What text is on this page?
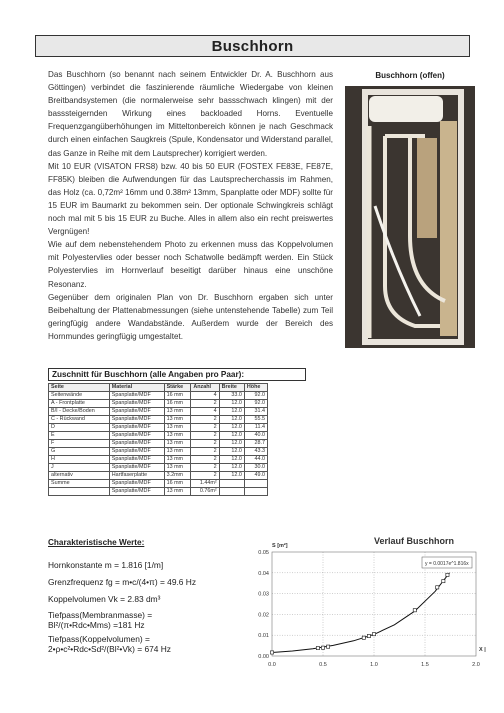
Buschhorn

Das Buschhorn (so benannt nach seinem Entwickler Dr. A. Buschhorn aus Göttingen) verbindet die faszinierende räumliche Wiedergabe von kleinen Breitbandsystemen (die normalerweise sehr bassschwach klingen) mit der basssteigernden Wirkung eines backloaded Horns. Eventuelle Frequenzgangüberhöhungen im Mitteltonbereich können je nach Geschmack durch einen einfachen Saugkreis (Spule, Kondensator und Widerstand parallel, das Ganze in Reihe mit dem Lautsprecher) korrigiert werden.

Mit 10 EUR (VISATON FRS8) bzw. 40 bis 50 EUR (FOSTEX FE83E, FE87E, FF85K) bleiben die Aufwendungen für das Lautsprecherchassis im Rahmen, das Holz (ca. 0,72m² 16mm und 0.38m² 13mm, Spanplatte oder MDF) sollte für 15 EUR im Baumarkt zu bekommen sein. Der optionale Schwingkreis schlägt noch mal mit 5 bis 15 EUR zu Buche. Alles in allem also ein recht preiswertes Vergnügen!

Wie auf dem nebenstehendem Photo zu erkennen muss das Koppelvolumen mit Polyestervlies oder besser noch Schatwolle bedämpft werden. Ein Stück Polyestervlies im Hornverlauf beseitigt darüber hinaus eine unschöne Resonanz.

Gegenüber dem originalen Plan von Dr. Buschhorn ergaben sich unter Beibehaltung der Plattenabmessungen (siehe untenstehende Tabelle) zum Teil geringfügig andere Wandabstände. Außerdem wurde der Bereich des Hornmundes geringfügig umgestaltet.

Buschhorn (offen)
Zuschnitt für Buschhorn (alle Angaben pro Paar):
Seite	Material	Stärke	Anzahl	Breite	Höhe
Seitenwände	Spanplatte/MDF	16 mm	4	33.0	92.0
A - Frontplatte	Spanplatte/MDF	16 mm	2	12.0	92.0
B/I - Decke/Boden	Spanplatte/MDF	13 mm	4	12.0	31.4
C - Rückwand	Spanplatte/MDF	13 mm	2	12.0	55.5
D	Spanplatte/MDF	13 mm	2	12.0	11.4
E	Spanplatte/MDF	13 mm	2	12.0	40.0
F	Spanplatte/MDF	13 mm	2	12.0	28.7
G	Spanplatte/MDF	13 mm	2	12.0	43.3
H	Spanplatte/MDF	13 mm	2	12.0	44.0
J	Spanplatte/MDF	13 mm	2	12.0	30.0
alternativ	Hartfaserplatte	3.2mm	2	12.0	49.0
Summe	Spanplatte/MDF	16 mm	1.44m²		
	Spanplatte/MDF	13 mm	0.76m²		
Charakteristische Werte:
Hornkonstante m = 1.816 [1/m]
Grenzfrequenz fg = m•c/(4•π) = 49.6 Hz
Koppelvolumen Vk = 2.83 dm³
Tiefpass(Membranmasse) =
Bl²/(π•Rdc•Mms) =181 Hz
Tiefpass(Koppelvolumen) =
2•ρ•c²•Rdc•Sd²/(Bl²•Vk) = 674 Hz
0.0	0.5	1.0	1.5	2.0
0.00
0.01
0.02
0.03
0.04
0.05
Verlauf Buschhorn
S [m²]
X |
y = 0.0017e^1.816x
